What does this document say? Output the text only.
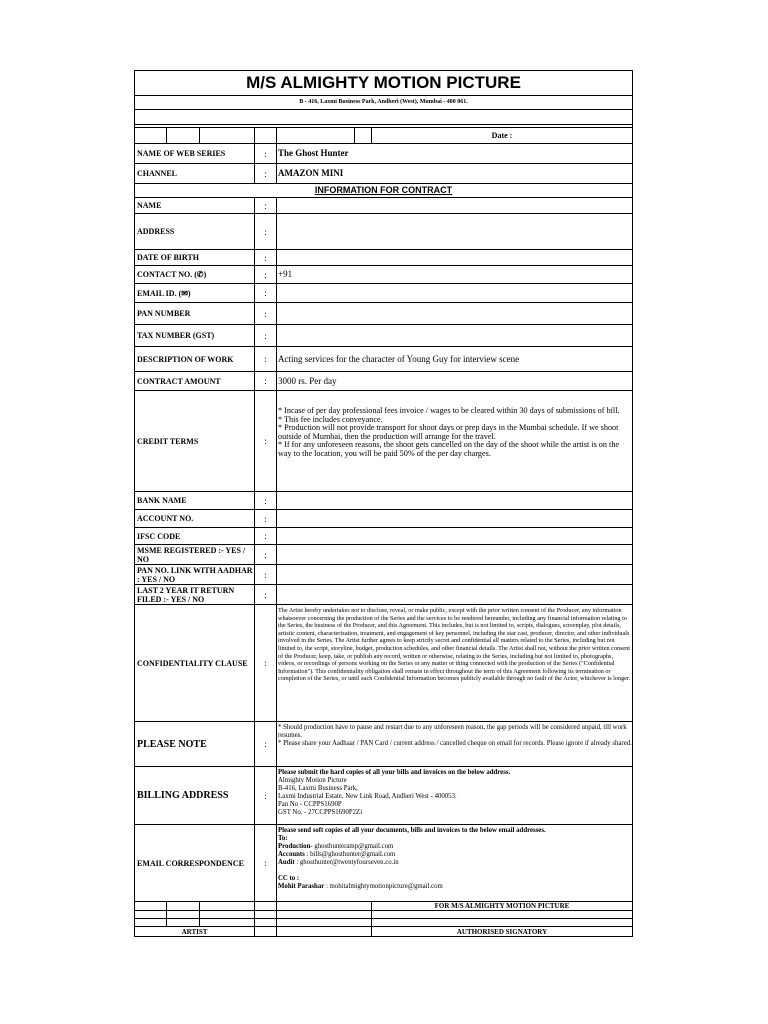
M/S ALMIGHTY MOTION PICTURE
B - 416, Laxmi Business Park, Andheri (West), Mumbai - 400 061.
Date :
NAME OF WEB SERIES	:	The Ghost Hunter
CHANNEL	:	AMAZON MINI
INFORMATION FOR CONTRACT
NAME	:
ADDRESS	:
DATE OF BIRTH	:
CONTACT NO. (✆)	:	+91
EMAIL ID. (✉)	:
PAN NUMBER	:
TAX NUMBER (GST)	:
DESCRIPTION OF WORK	:	Acting services for the character of Young Guy for interview scene
CONTRACT AMOUNT	:	3000 rs. Per day
CREDIT TERMS	:
* Incase of per day professional fees invoice / wages to be cleared within 30 days of submissions of bill.
* This fee includes conveyance.
* Production will not provide transport for shoot days or prep days in the Mumbai schedule. If we shoot outside of Mumbai, then the production will arrange for the travel.
* If for any unforeseen reasons, the shoot gets cancelled on the day of the shoot while the artist is on the way to the location, you will be paid 50% of the per day charges.
BANK NAME	:
ACCOUNT NO.	:
IFSC CODE	:
MSME REGISTERED :- YES / NO	:
PAN NO. LINK WITH AADHAR : YES / NO	:
LAST 2 YEAR IT RETURN FILED :- YES / NO	:
CONFIDENTIALITY CLAUSE	:
The Artist hereby undertakes not to disclose, reveal, or make public, except with the prior written consent of the Producer, any information whatsoever concerning the production of the Series and the services to be rendered hereunder, including any financial information relating to the Series, the business of the Producer, and this Agreement. This includes, but is not limited to, scripts, dialogues, screenplay, plot details, artistic content, characterization, treatment, and engagement of key personnel, including the star cast, producer, director, and other individuals involved in the Series. The Artist further agrees to keep strictly secret and confidential all matters related to the Series, including but not limited to, the script, storyline, budget, production schedules, and other financial details. The Artist shall not, without the prior written consent of the Producer, keep, take, or publish any record, written or otherwise, relating to the Series, including but not limited to, photographs, videos, or recordings of persons working on the Series or any matter or thing connected with the production of the Series ("Confidential Information"). This confidentiality obligation shall remain in effect throughout the term of this Agreement following its termination or completion of the Series, or until such Confidential Information becomes publicly available through no fault of the Actor, whichever is longer.
PLEASE NOTE	:
* Should production have to pause and restart due to any unforeseen reason, the gap periods will be considered unpaid, till work resumes.
* Please share your Aadhaar / PAN Card / current address / cancelled cheque on email for records. Please ignore if already shared.
BILLING ADDRESS	:
Please submit the hard copies of all your bills and invoices on the below address.
Almighty Motion Picture
B-416, Laxmi Business Park,
Laxmi Industrial Estate, New Link Road, Andheri West - 400053.
Pan No - CCPPS1690P
GST No. - 27CCPPS1690P2Zi
EMAIL CORRESPONDENCE	:
Please send soft copies of all your documents, bills and invoices to the below email addresses.
To:
Production- ghosthunteramp@gmail.com
Accounts : bills@ghosthunter@gmail.com
Audit : ghosthunter@twentyfourseven.co.in
CC to :
Mohit Parashar : mohitalmightymotionpicture@gmail.com
FOR M/S ALMIGHTY MOTION PICTURE
ARTIST	AUTHORISED SIGNATORY
